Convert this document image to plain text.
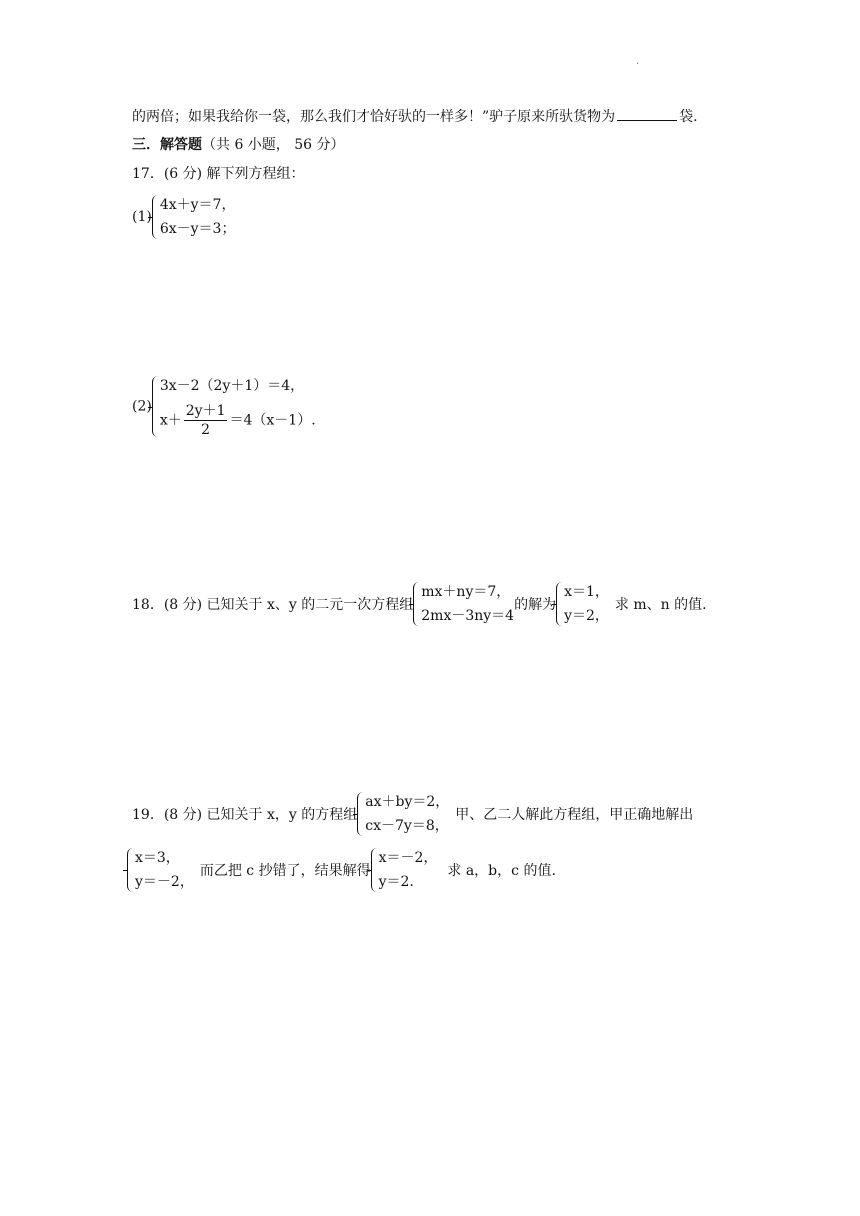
.
的两倍；如果我给你一袋，那么我们才恰好驮的一样多！”驴子原来所驮货物为	袋.
三．解答题（共 6 小题， 56 分）
17．(6 分) 解下列方程组：
(1)
4x＋y＝7，
6x－y＝3；
(2)
3x－2（2y＋1）＝4，
$x+ \frac{2y+1}{2} =4(x-1)$.
18．(8 分) 已知关于 x、y 的二元一次方程组
mx＋ny＝7，
2mx－3ny＝4
的解为
x＝1，
y＝2，
求 m、n 的值.
19．(8 分) 已知关于 x，y 的方程组
ax＋by＝2，
cx－7y＝8，
甲、乙二人解此方程组，甲正确地解出
x＝3，
y＝－2，
而乙把 c 抄错了，结果解得
x＝－2，
y＝2.
求 a，b，c 的值.
